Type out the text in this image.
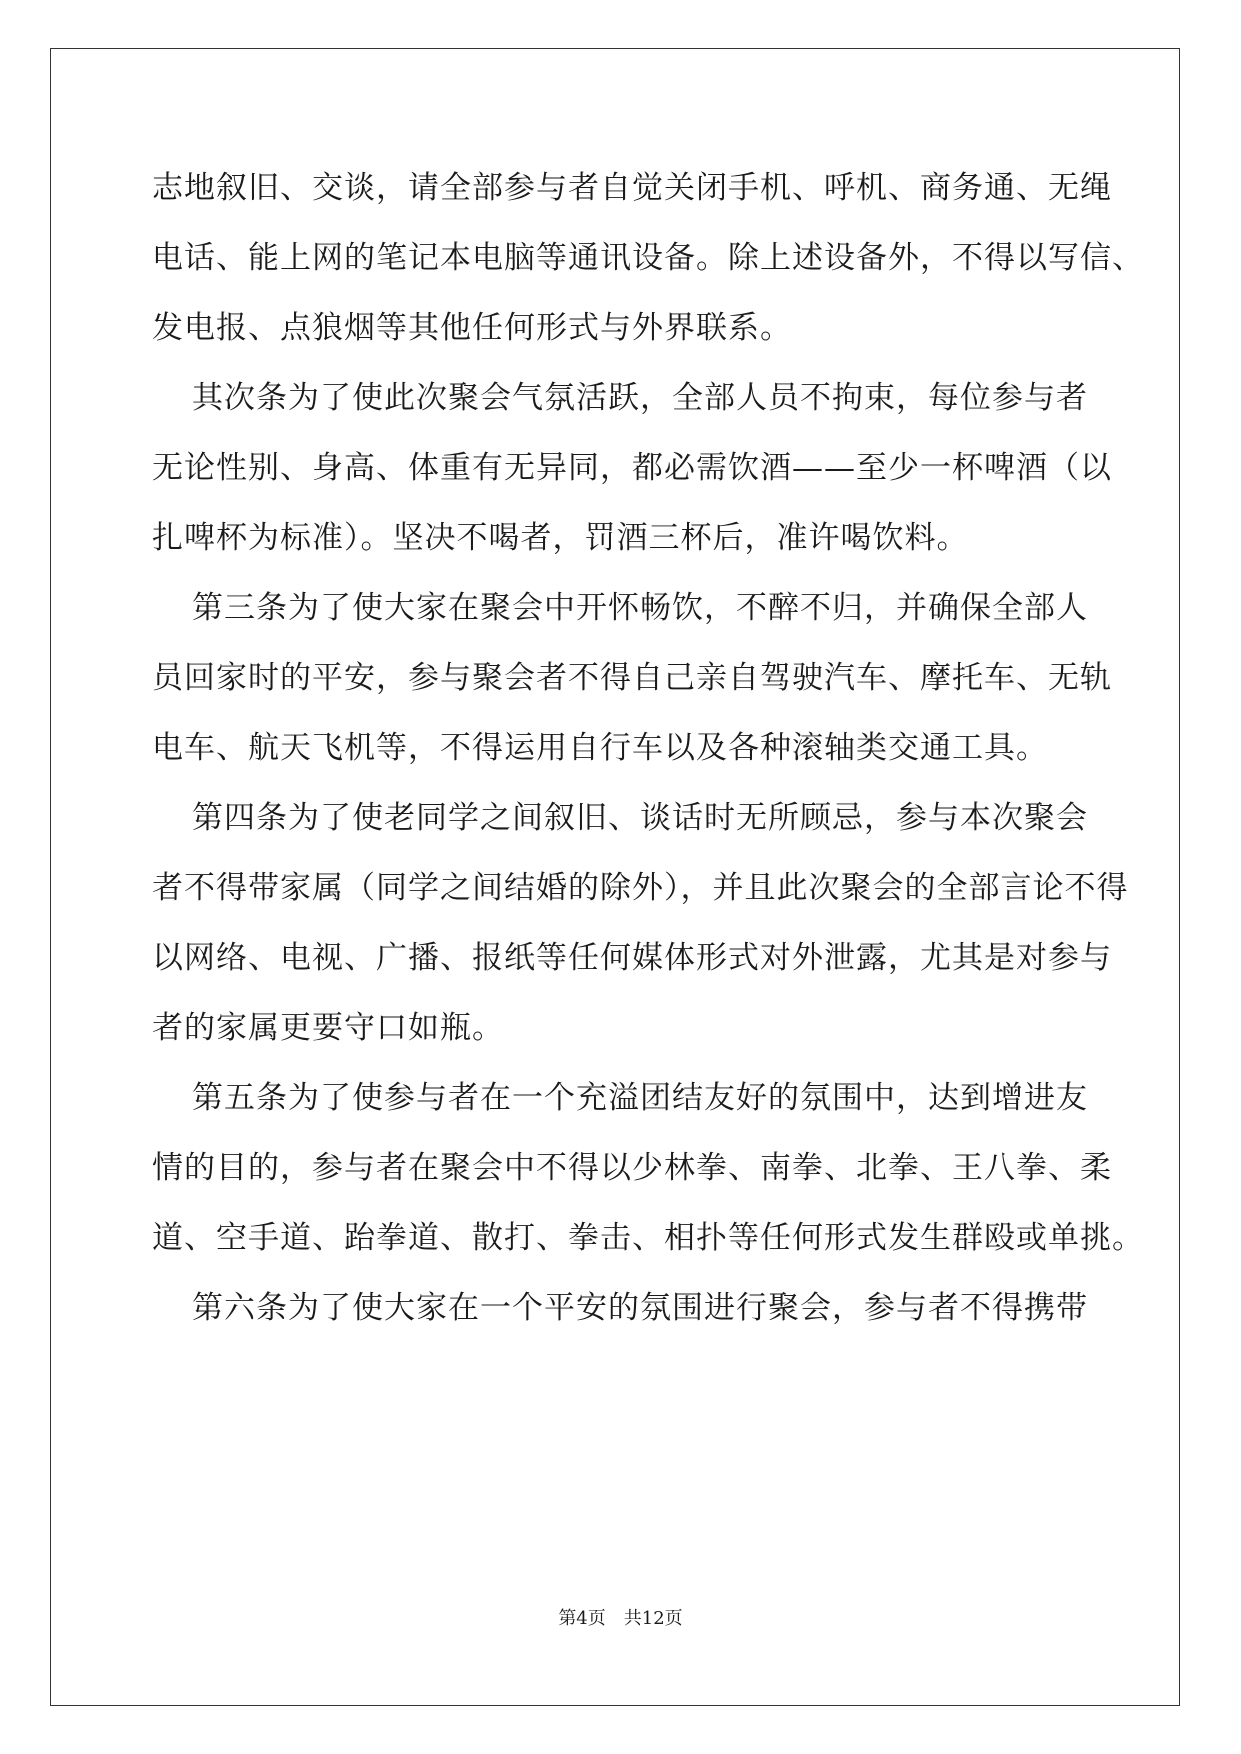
志地叙旧、交谈，请全部参与者自觉关闭手机、呼机、商务通、无绳
电话、能上网的笔记本电脑等通讯设备。除上述设备外，不得以写信、
发电报、点狼烟等其他任何形式与外界联系。
其次条为了使此次聚会气氛活跃，全部人员不拘束，每位参与者
无论性别、身高、体重有无异同，都必需饮酒——至少一杯啤酒（以
扎啤杯为标准）。坚决不喝者，罚酒三杯后，准许喝饮料。
第三条为了使大家在聚会中开怀畅饮，不醉不归，并确保全部人
员回家时的平安，参与聚会者不得自己亲自驾驶汽车、摩托车、无轨
电车、航天飞机等，不得运用自行车以及各种滚轴类交通工具。
第四条为了使老同学之间叙旧、谈话时无所顾忌，参与本次聚会
者不得带家属（同学之间结婚的除外），并且此次聚会的全部言论不得
以网络、电视、广播、报纸等任何媒体形式对外泄露，尤其是对参与
者的家属更要守口如瓶。
第五条为了使参与者在一个充溢团结友好的氛围中，达到增进友
情的目的，参与者在聚会中不得以少林拳、南拳、北拳、王八拳、柔
道、空手道、跆拳道、散打、拳击、相扑等任何形式发生群殴或单挑。
第六条为了使大家在一个平安的氛围进行聚会，参与者不得携带
第4页 共12页
